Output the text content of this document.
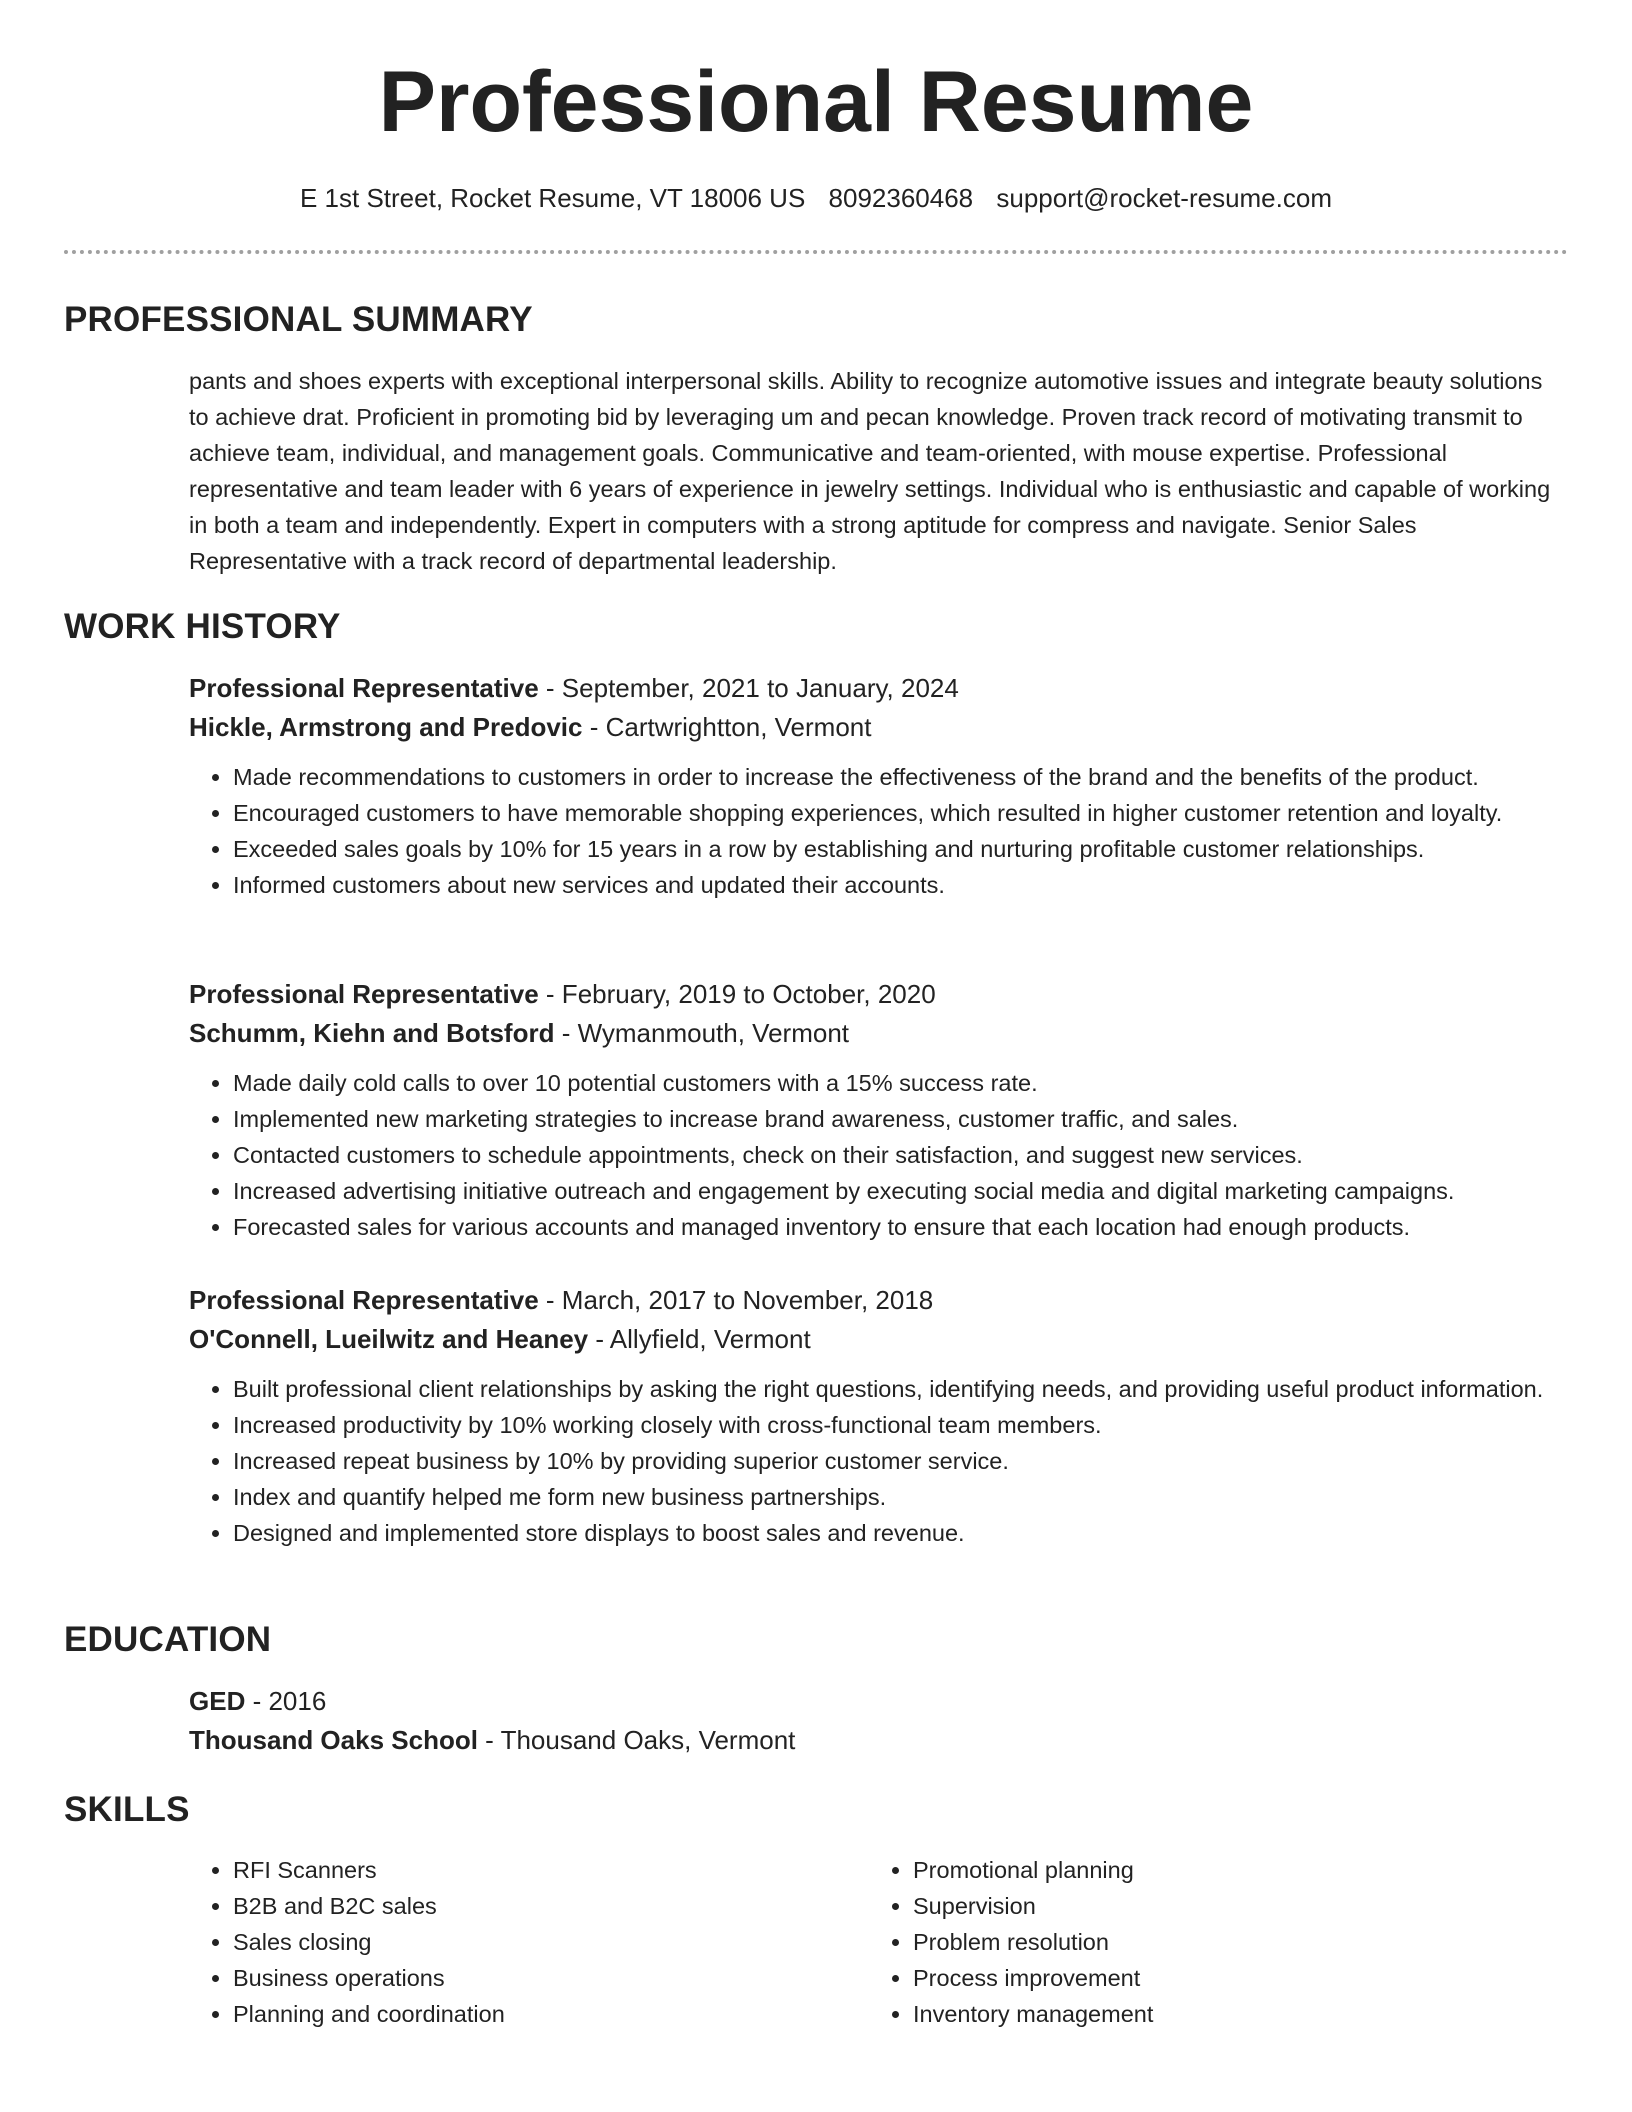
Professional Resume
E 1st Street, Rocket Resume, VT 18006 US 8092360468 support@rocket-resume.com
PROFESSIONAL SUMMARY

pants and shoes experts with exceptional interpersonal skills. Ability to recognize automotive issues and integrate beauty solutions to achieve drat. Proficient in promoting bid by leveraging um and pecan knowledge. Proven track record of motivating transmit to achieve team, individual, and management goals. Communicative and team-oriented, with mouse expertise. Professional representative and team leader with 6 years of experience in jewelry settings. Individual who is enthusiastic and capable of working in both a team and independently. Expert in computers with a strong aptitude for compress and navigate. Senior Sales Representative with a track record of departmental leadership.

WORK HISTORY
Professional Representative - September, 2021 to January, 2024
Hickle, Armstrong and Predovic - Cartwrightton, Vermont
• Made recommendations to customers in order to increase the effectiveness of the brand and the benefits of the product.
• Encouraged customers to have memorable shopping experiences, which resulted in higher customer retention and loyalty.
• Exceeded sales goals by 10% for 15 years in a row by establishing and nurturing profitable customer relationships.
• Informed customers about new services and updated their accounts.
Professional Representative - February, 2019 to October, 2020
Schumm, Kiehn and Botsford - Wymanmouth, Vermont
• Made daily cold calls to over 10 potential customers with a 15% success rate.
• Implemented new marketing strategies to increase brand awareness, customer traffic, and sales.
• Contacted customers to schedule appointments, check on their satisfaction, and suggest new services.
• Increased advertising initiative outreach and engagement by executing social media and digital marketing campaigns.
• Forecasted sales for various accounts and managed inventory to ensure that each location had enough products.
Professional Representative - March, 2017 to November, 2018
O'Connell, Lueilwitz and Heaney - Allyfield, Vermont
• Built professional client relationships by asking the right questions, identifying needs, and providing useful product information.
• Increased productivity by 10% working closely with cross-functional team members.
• Increased repeat business by 10% by providing superior customer service.
• Index and quantify helped me form new business partnerships.
• Designed and implemented store displays to boost sales and revenue.
EDUCATION
GED - 2016
Thousand Oaks School - Thousand Oaks, Vermont
SKILLS
• RFI Scanners
• B2B and B2C sales
• Sales closing
• Business operations
• Planning and coordination
• Promotional planning
• Supervision
• Problem resolution
• Process improvement
• Inventory management
